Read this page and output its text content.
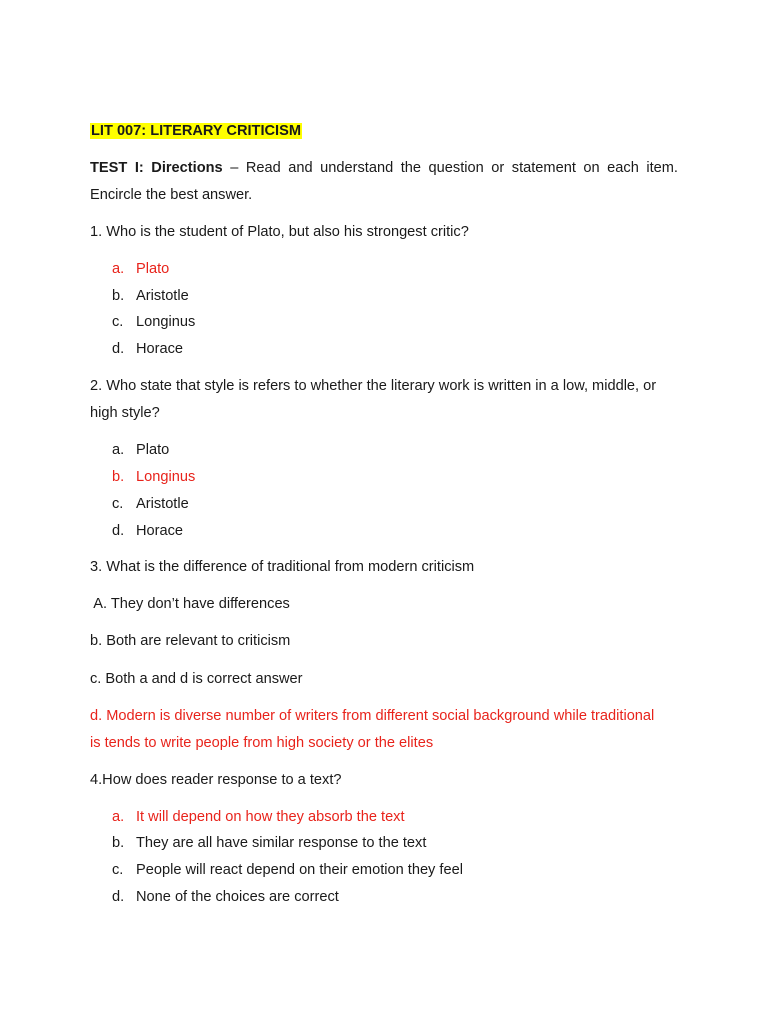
LIT 007: LITERARY CRITICISM
TEST I: Directions – Read and understand the question or statement on each item.
Encircle the best answer.
1. Who is the student of Plato, but also his strongest critic?
a. Plato
b. Aristotle
c. Longinus
d. Horace
2. Who state that style is refers to whether the literary work is written in a low, middle, or
high style?
a. Plato
b. Longinus
c. Aristotle
d. Horace
3. What is the difference of traditional from modern criticism
A. They don’t have differences
b. Both are relevant to criticism
c. Both a and d is correct answer
d. Modern is diverse number of writers from different social background while traditional
is tends to write people from high society or the elites
4.How does reader response to a text?
a. It will depend on how they absorb the text
b. They are all have similar response to the text
c. People will react depend on their emotion they feel
d. None of the choices are correct
